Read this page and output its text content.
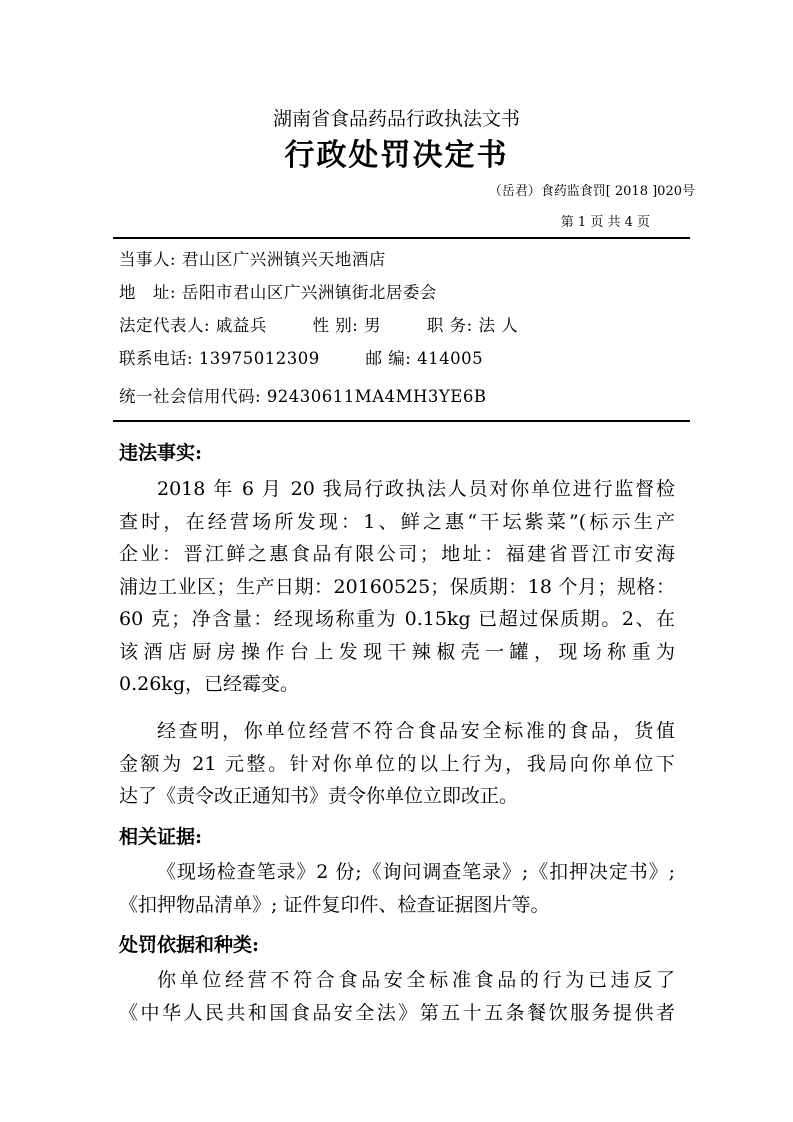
湖南省食品药品行政执法文书
行政处罚决定书
（岳君）食药监食罚[ 2018 ]020号
第 1 页 共 4 页
当事人: 君山区广兴洲镇兴天地酒店
地　址: 岳阳市君山区广兴洲镇街北居委会
法定代表人: 戚益兵	性 别: 男	职 务: 法 人
联系电话: 13975012309	邮 编: 414005
统一社会信用代码: 92430611MA4MH3YE6B
违法事实:
2018 年 6 月 20 我局行政执法人员对你单位进行监督检
查时，在经营场所发现：1、鲜之惠“干坛紫菜”(标示生产
企业：晋江鲜之惠食品有限公司；地址：福建省晋江市安海
浦边工业区；生产日期：20160525；保质期：18 个月；规格：
60 克；净含量：经现场称重为 0.15kg 已超过保质期。2、在
该酒店厨房操作台上发现干辣椒壳一罐，现场称重为
0.26kg，已经霉变。
经查明，你单位经营不符合食品安全标准的食品，货值
金额为 21 元整。针对你单位的以上行为，我局向你单位下
达了《责令改正通知书》责令你单位立即改正。
相关证据:
《现场检查笔录》2 份;《询问调查笔录》;《扣押决定书》;
《扣押物品清单》; 证件复印件、检查证据图片等。
处罚依据和种类:
你单位经营不符合食品安全标准食品的行为已违反了
《中华人民共和国食品安全法》第五十五条餐饮服务提供者
